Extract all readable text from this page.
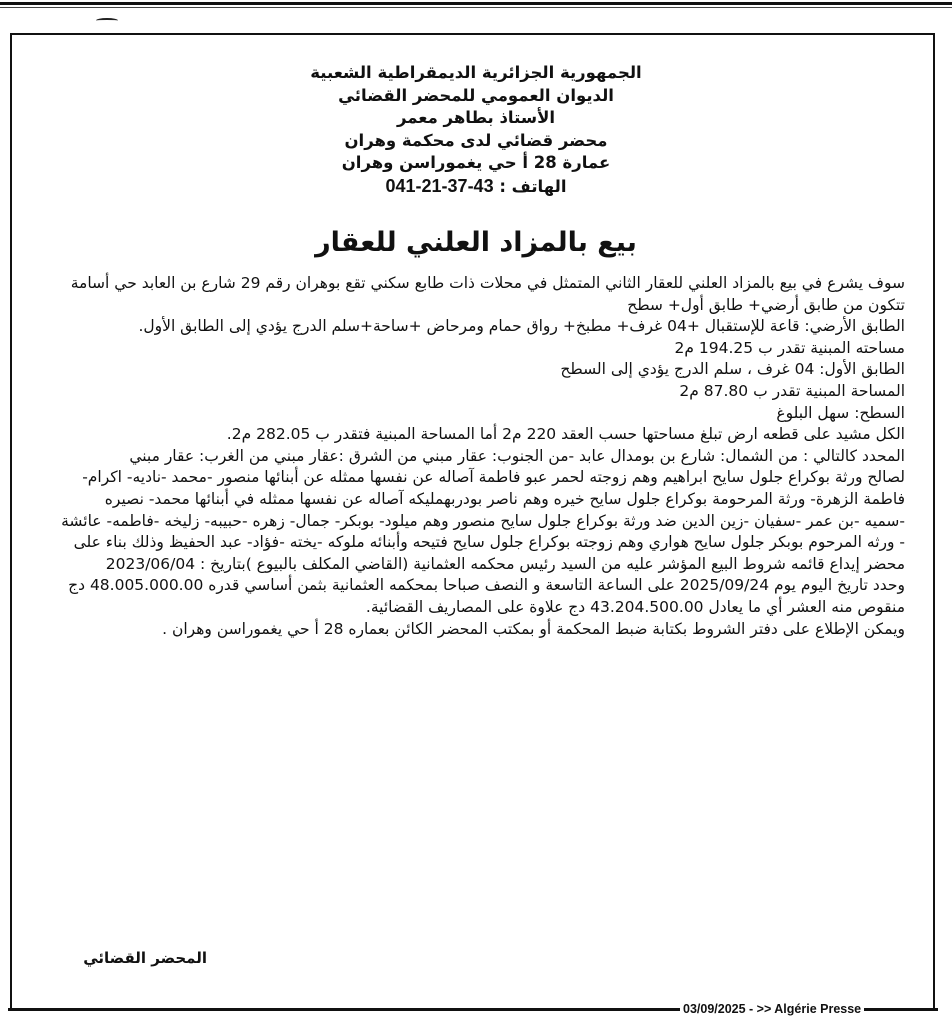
الجمهورية الجزائرية الديمقراطية الشعبية
الديوان العمومي للمحضر القضائي
الأستاذ بطاهر معمر
محضر قضائي لدى محكمة وهران
عمارة 28 أ حي يغموراسن وهران
الهاتف : 041-21-37-43
بيع بالمزاد العلني للعقار

سوف يشرع في بيع بالمزاد العلني للعقار الثاني المتمثل في محلات ذات طابع سكني تقع بوهران رقم 29 شارع بن العابد حي أسامة تتكون من طابق أرضي+ طابق أول+ سطح

الطابق الأرضي: قاعة للإستقبال +04 غرف+ مطبخ+ رواق حمام ومرحاض +ساحة+سلم الدرج يؤدي إلى الطابق الأول.

مساحته المبنية تقدر ب 194.25 م2

الطابق الأول: 04 غرف ، سلم الدرج يؤدي إلى السطح

المساحة المبنية تقدر ب 87.80 م2

السطح: سهل البلوغ

الكل مشيد على قطعه ارض تبلغ مساحتها حسب العقد 220 م2 أما المساحة المبنية فتقدر ب 282.05 م2.

المحدد كالتالي : من الشمال: شارع بن بومدال عابد -من الجنوب: عقار مبني من الشرق :عقار مبني من الغرب: عقار مبني

لصالح ورثة بوكراع جلول سايح ابراهيم وهم زوجته لحمر عبو فاطمة آصاله عن نفسها ممثله عن أبنائها منصور -محمد -ناديه- اكرام- فاطمة الزهرة- ورثة المرحومة بوكراع جلول سايح خيره وهم ناصر بودربهمليكه آصاله عن نفسها ممثله في أبنائها محمد- نصيره -سميه -بن عمر -سفيان -زين الدين ضد ورثة بوكراع جلول سايح منصور وهم ميلود- بوبكر- جمال- زهره -حبيبه- زليخه -فاطمه- عائشة - ورثه المرحوم بوبكر جلول سايح هواري وهم زوجته بوكراع جلول سايح فتيحه وأبنائه ملوكه -يخته -فؤاد- عبد الحفيظ وذلك بناء على محضر إيداع قائمه شروط البيع المؤشر عليه من السيد رئيس محكمه العثمانية (القاضي المكلف بالبيوع )بتاريخ : 2023/06/04

وحدد تاريخ اليوم يوم 2025/09/24 على الساعة التاسعة و النصف صباحا بمحكمه العثمانية بثمن أساسي قدره 48.005.000.00 دج منقوص منه العشر أي ما يعادل 43.204.500.00 دج علاوة على المصاريف القضائية.

ويمكن الإطلاع على دفتر الشروط بكتابة ضبط المحكمة أو بمكتب المحضر الكائن بعماره 28 أ حي يغموراسن وهران .

المحضر القضائي
03/09/2025 - >> Algérie Presse
